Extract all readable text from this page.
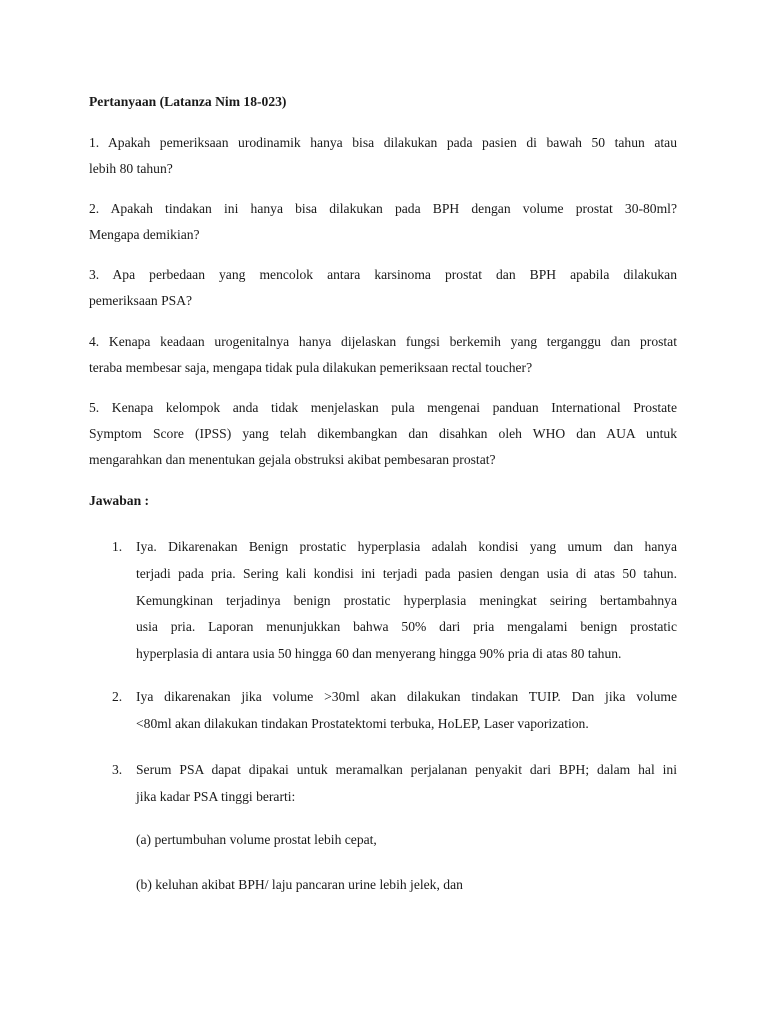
Pertanyaan (Latanza Nim 18-023)
1. Apakah pemeriksaan urodinamik hanya bisa dilakukan pada pasien di bawah 50 tahun atau
lebih 80 tahun?
2. Apakah tindakan ini hanya bisa dilakukan pada BPH dengan volume prostat 30-80ml?
Mengapa demikian?
3. Apa perbedaan yang mencolok antara karsinoma prostat dan BPH apabila dilakukan
pemeriksaan PSA?
4. Kenapa keadaan urogenitalnya hanya dijelaskan fungsi berkemih yang terganggu dan prostat
teraba membesar saja, mengapa tidak pula dilakukan pemeriksaan rectal toucher?
5. Kenapa kelompok anda tidak menjelaskan pula mengenai panduan International Prostate
Symptom Score (IPSS) yang telah dikembangkan dan disahkan oleh WHO dan AUA untuk
mengarahkan dan menentukan gejala obstruksi akibat pembesaran prostat?
Jawaban :
1. Iya. Dikarenakan Benign prostatic hyperplasia adalah kondisi yang umum dan hanya
terjadi pada pria. Sering kali kondisi ini terjadi pada pasien dengan usia di atas 50 tahun.
Kemungkinan terjadinya benign prostatic hyperplasia meningkat seiring bertambahnya
usia pria. Laporan menunjukkan bahwa 50% dari pria mengalami benign prostatic
hyperplasia di antara usia 50 hingga 60 dan menyerang hingga 90% pria di atas 80 tahun.
2. Iya dikarenakan jika volume >30ml akan dilakukan tindakan TUIP. Dan jika volume
<80ml akan dilakukan tindakan Prostatektomi terbuka, HoLEP, Laser vaporization.
3. Serum PSA dapat dipakai untuk meramalkan perjalanan penyakit dari BPH; dalam hal ini
jika kadar PSA tinggi berarti:
(a) pertumbuhan volume prostat lebih cepat,
(b) keluhan akibat BPH/ laju pancaran urine lebih jelek, dan
